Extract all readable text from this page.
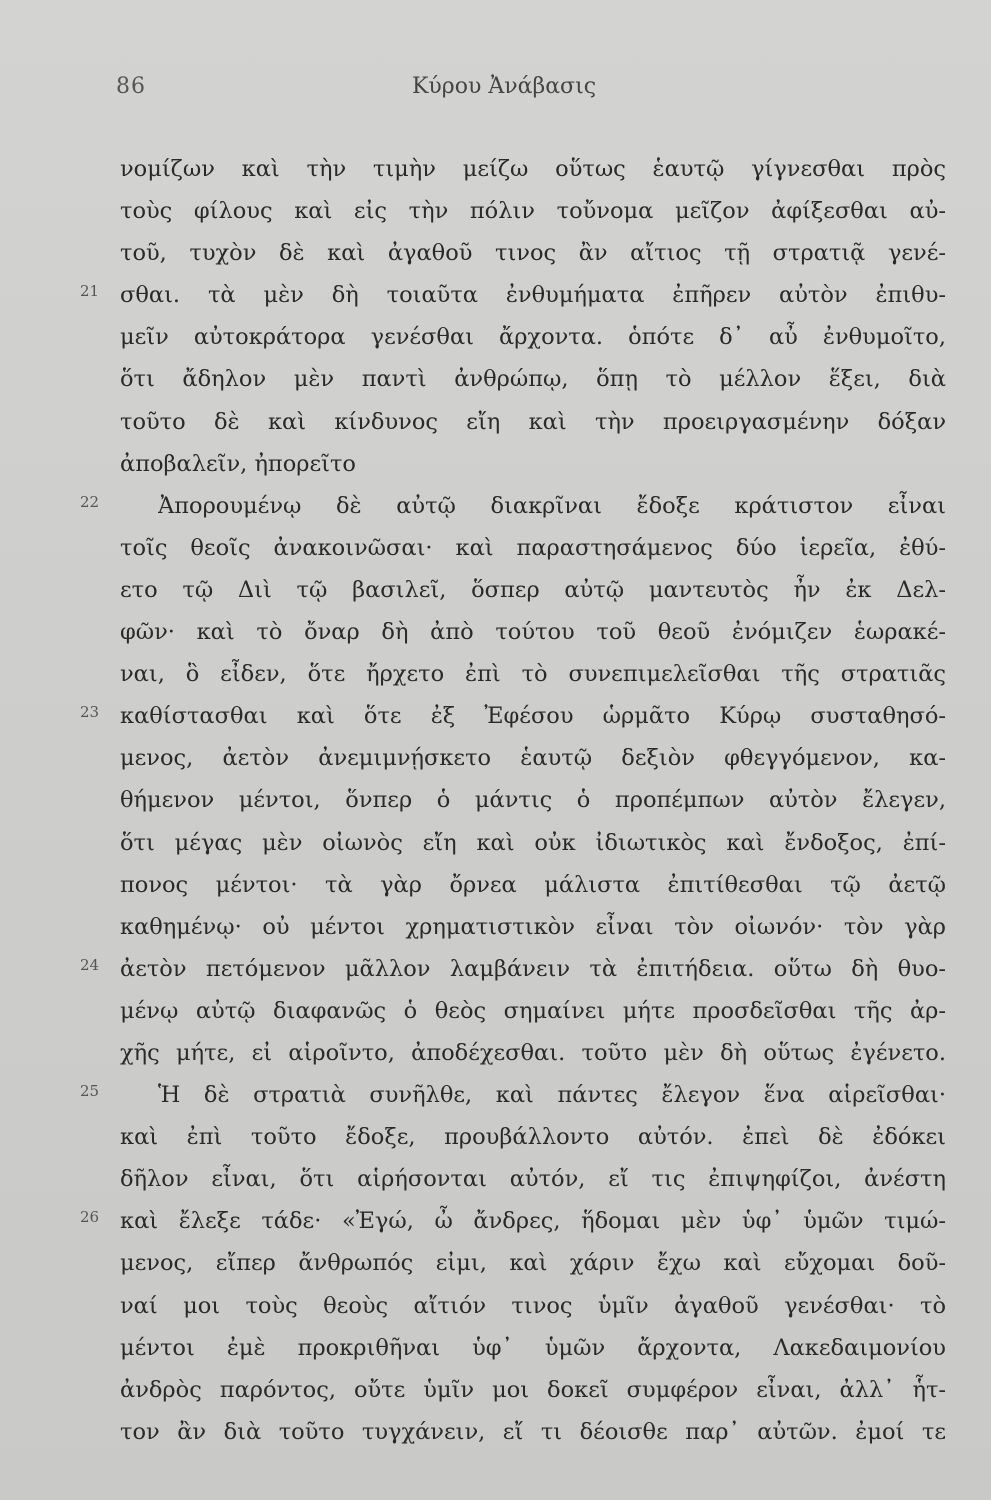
86	Κύρου Ἀνάβασις
νομίζων καὶ τὴν τιμὴν μείζω οὕτως ἑαυτῷ γίγνεσθαι πρὸς
τοὺς φίλους καὶ εἰς τὴν πόλιν τοὔνομα μεῖζον ἀφίξεσθαι αὐ-
τοῦ, τυχὸν δὲ καὶ ἀγαθοῦ τινος ἂν αἴτιος τῇ στρατιᾷ γενέ-
21 σθαι. τὰ μὲν δὴ τοιαῦτα ἐνθυμήματα ἐπῆρεν αὐτὸν ἐπιθυ-
μεῖν αὐτοκράτορα γενέσθαι ἄρχοντα. ὁπότε δ᾽ αὖ ἐνθυμοῖτο,
ὅτι ἄδηλον μὲν παντὶ ἀνθρώπῳ, ὅπῃ τὸ μέλλον ἕξει, διὰ
τοῦτο δὲ καὶ κίνδυνος εἴη καὶ τὴν προειργασμένην δόξαν
ἀποβαλεῖν, ἠπορεῖτο
22	Ἀπορουμένῳ δὲ αὐτῷ διακρῖναι ἔδοξε κράτιστον εἶναι
τοῖς θεοῖς ἀνακοινῶσαι· καὶ παραστησάμενος δύο ἱερεῖα, ἐθύ-
ετο τῷ Διὶ τῷ βασιλεῖ, ὅσπερ αὐτῷ μαντευτὸς ἦν ἐκ Δελ-
φῶν· καὶ τὸ ὄναρ δὴ ἀπὸ τούτου τοῦ θεοῦ ἐνόμιζεν ἑωρακέ-
ναι, ὃ εἶδεν, ὅτε ἤρχετο ἐπὶ τὸ συνεπιμελεῖσθαι τῆς στρατιᾶς
23 καθίστασθαι καὶ ὅτε ἐξ Ἐφέσου ὡρμᾶτο Κύρῳ συσταθησό-
μενος, ἀετὸν ἀνεμιμνῄσκετο ἑαυτῷ δεξιὸν φθεγγόμενον, κα-
θήμενον μέντοι, ὅνπερ ὁ μάντις ὁ προπέμπων αὐτὸν ἔλεγεν,
ὅτι μέγας μὲν οἰωνὸς εἴη καὶ οὐκ ἰδιωτικὸς καὶ ἔνδοξος, ἐπί-
πονος μέντοι· τὰ γὰρ ὄρνεα μάλιστα ἐπιτίθεσθαι τῷ ἀετῷ
καθημένῳ· οὐ μέντοι χρηματιστικὸν εἶναι τὸν οἰωνόν· τὸν γὰρ
24 ἀετὸν πετόμενον μᾶλλον λαμβάνειν τὰ ἐπιτήδεια. οὕτω δὴ θυο-
μένῳ αὐτῷ διαφανῶς ὁ θεὸς σημαίνει μήτε προσδεῖσθαι τῆς ἀρ-
χῆς μήτε, εἰ αἱροῖντο, ἀποδέχεσθαι. τοῦτο μὲν δὴ οὕτως ἐγένετο.
25	Ἡ δὲ στρατιὰ συνῆλθε, καὶ πάντες ἔλεγον ἕνα αἱρεῖσθαι·
καὶ ἐπὶ τοῦτο ἔδοξε, προυβάλλοντο αὐτόν. ἐπεὶ δὲ ἐδόκει
δῆλον εἶναι, ὅτι αἱρήσονται αὐτόν, εἴ τις ἐπιψηφίζοι, ἀνέστη
26 καὶ ἔλεξε τάδε· «Ἐγώ, ὦ ἄνδρες, ἥδομαι μὲν ὑφ᾽ ὑμῶν τιμώ-
μενος, εἴπερ ἄνθρωπός εἰμι, καὶ χάριν ἔχω καὶ εὔχομαι δοῦ-
ναί μοι τοὺς θεοὺς αἴτιόν τινος ὑμῖν ἀγαθοῦ γενέσθαι· τὸ
μέντοι ἐμὲ προκριθῆναι ὑφ᾽ ὑμῶν ἄρχοντα, Λακεδαιμονίου
ἀνδρὸς παρόντος, οὔτε ὑμῖν μοι δοκεῖ συμφέρον εἶναι, ἀλλ᾽ ἧτ-
τον ἂν διὰ τοῦτο τυγχάνειν, εἴ τι δέοισθε παρ᾽ αὐτῶν. ἐμοί τε
